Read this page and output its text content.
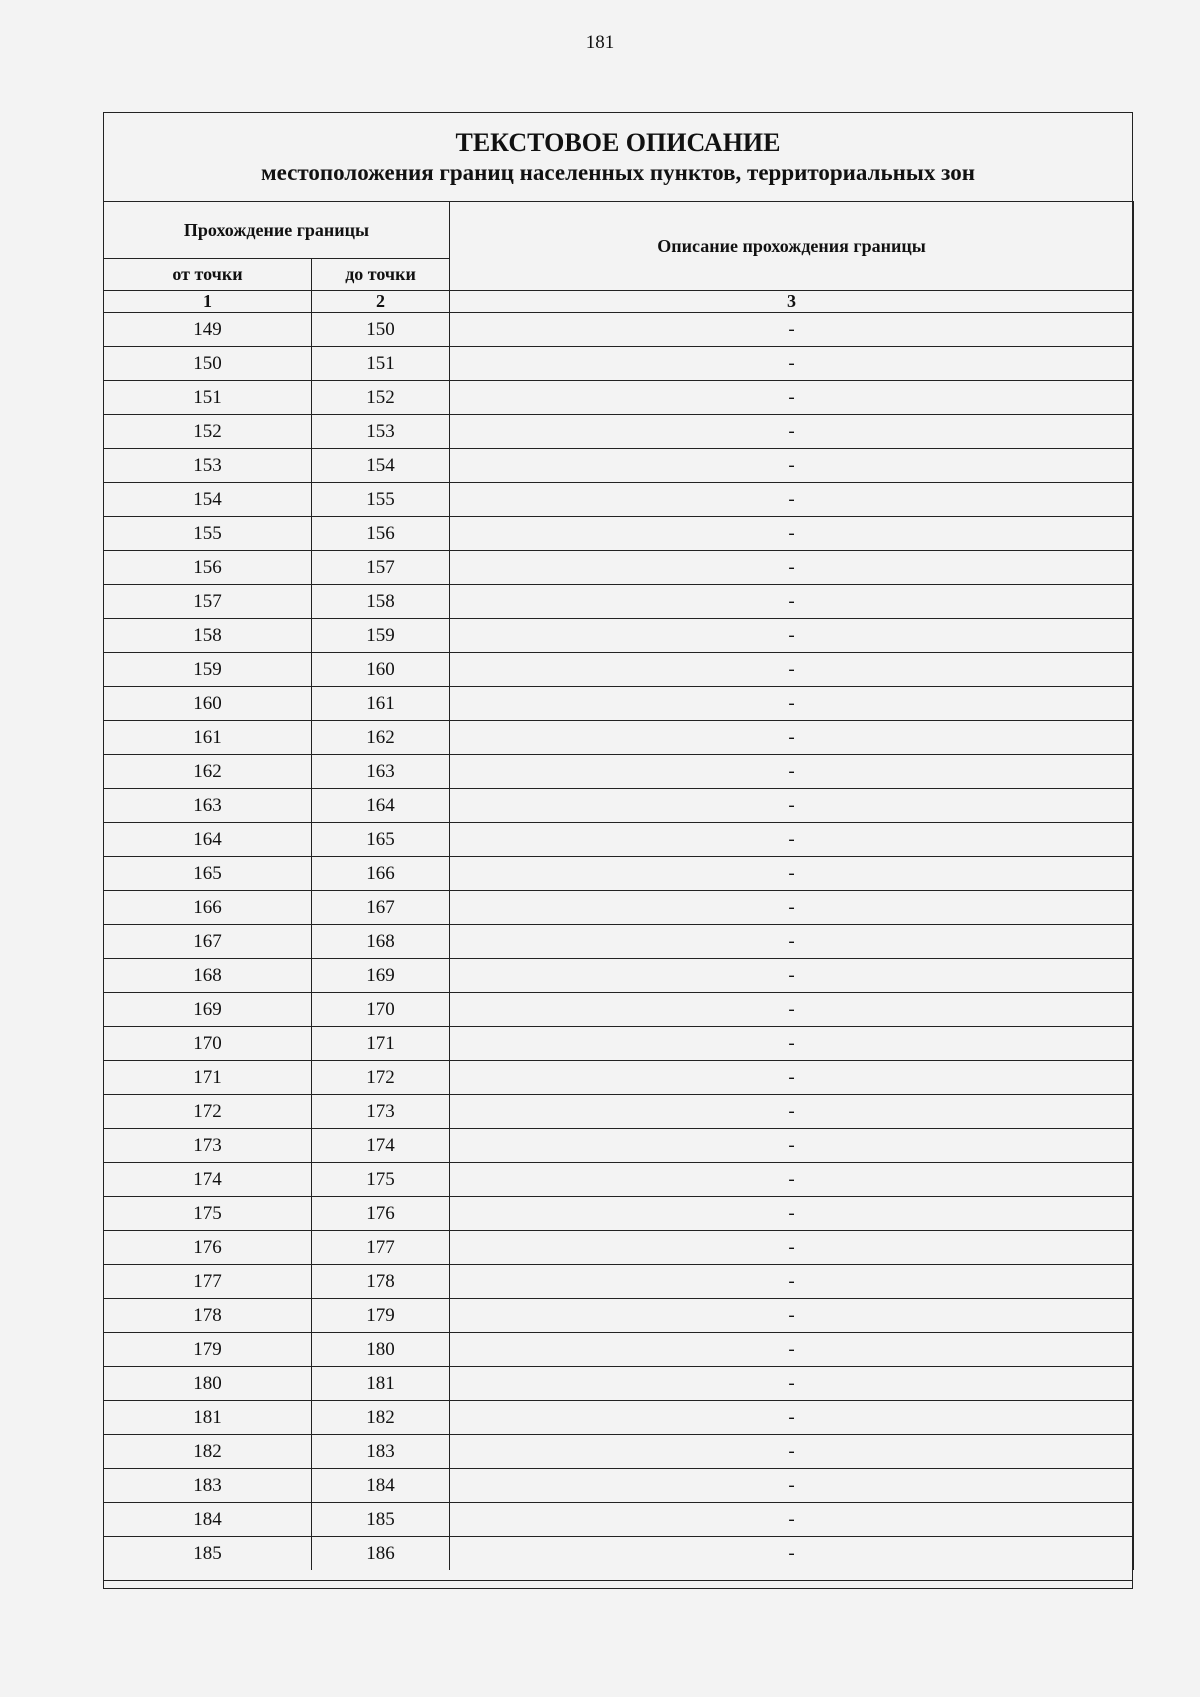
181
ТЕКСТОВОЕ ОПИСАНИЕ
местоположения границ населенных пунктов, территориальных зон
Прохождение границы		Описание прохождения границы
от точки	до точки	
1	2	3
149	150	-
150	151	-
151	152	-
152	153	-
153	154	-
154	155	-
155	156	-
156	157	-
157	158	-
158	159	-
159	160	-
160	161	-
161	162	-
162	163	-
163	164	-
164	165	-
165	166	-
166	167	-
167	168	-
168	169	-
169	170	-
170	171	-
171	172	-
172	173	-
173	174	-
174	175	-
175	176	-
176	177	-
177	178	-
178	179	-
179	180	-
180	181	-
181	182	-
182	183	-
183	184	-
184	185	-
185	186	-
